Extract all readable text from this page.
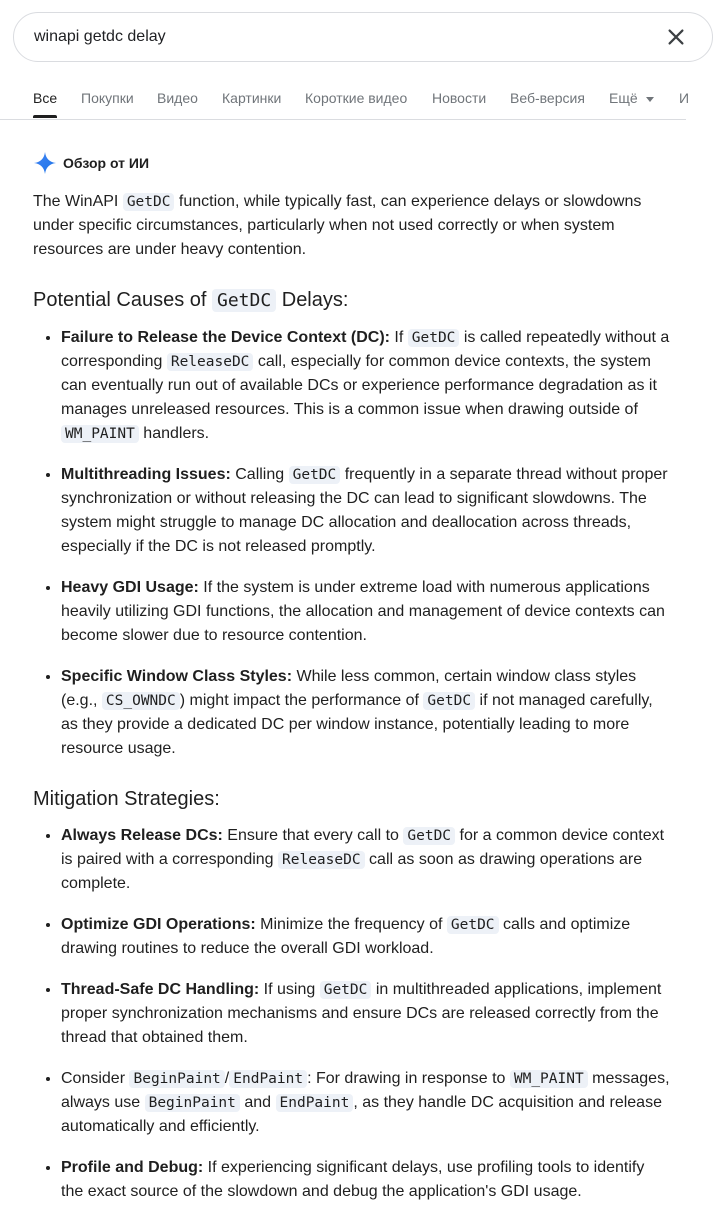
winapi getdc delay
Все Покупки Видео Картинки Короткие видео Новости Веб-версия Ещё	И
Обзор от ИИ

The WinAPI GetDC function, while typically fast, can experience delays or slowdowns under specific circumstances, particularly when not used correctly or when system resources are under heavy contention.

Potential Causes of GetDC Delays:
• Failure to Release the Device Context (DC): If GetDC is called repeatedly without a corresponding ReleaseDC call, especially for common device contexts, the system can eventually run out of available DCs or experience performance degradation as it manages unreleased resources. This is a common issue when drawing outside of WM_PAINT handlers.
• Multithreading Issues: Calling GetDC frequently in a separate thread without proper synchronization or without releasing the DC can lead to significant slowdowns. The system might struggle to manage DC allocation and deallocation across threads, especially if the DC is not released promptly.
• Heavy GDI Usage: If the system is under extreme load with numerous applications heavily utilizing GDI functions, the allocation and management of device contexts can become slower due to resource contention.
• Specific Window Class Styles: While less common, certain window class styles (e.g., CS_OWNDC ) might impact the performance of GetDC if not managed carefully, as they provide a dedicated DC per window instance, potentially leading to more resource usage.
Mitigation Strategies:
• Always Release DCs: Ensure that every call to GetDC for a common device context is paired with a corresponding ReleaseDC call as soon as drawing operations are complete.
• Optimize GDI Operations: Minimize the frequency of GetDC calls and optimize drawing routines to reduce the overall GDI workload.
• Thread-Safe DC Handling: If using GetDC in multithreaded applications, implement proper synchronization mechanisms and ensure DCs are released correctly from the thread that obtained them.
• Consider BeginPaint / EndPaint : For drawing in response to WM_PAINT messages, always use BeginPaint and EndPaint , as they handle DC acquisition and release automatically and efficiently.
• Profile and Debug: If experiencing significant delays, use profiling tools to identify the exact source of the slowdown and debug the application's GDI usage.
